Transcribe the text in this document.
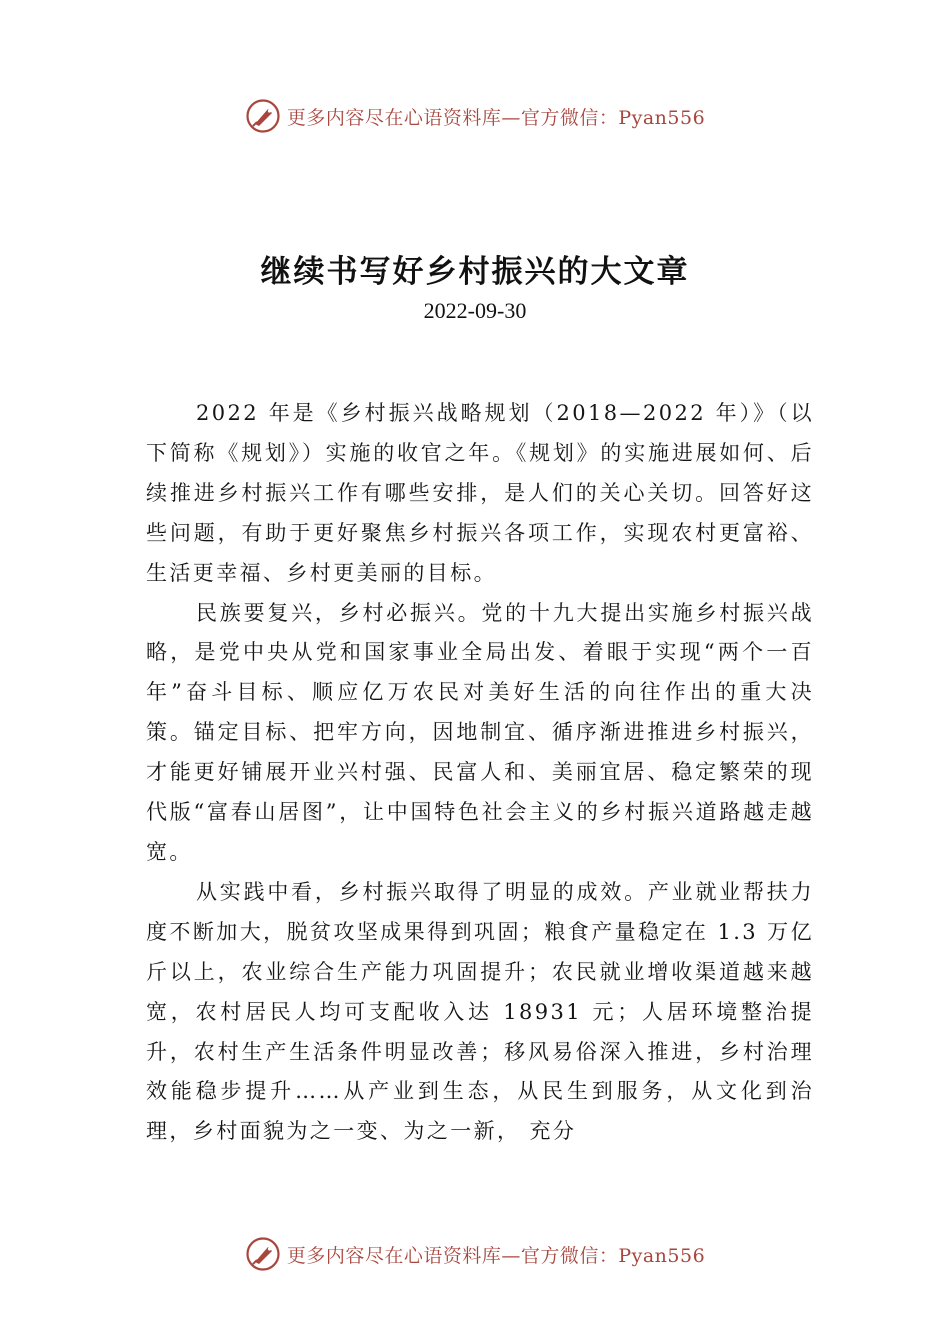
更多内容尽在心语资料库—官方微信：Pyan556
继续书写好乡村振兴的大文章
2022-09-30

2022 年是《乡村振兴战略规划（2018—2022 年）》（以下简称《规划》）实施的收官之年。《规划》的实施进展如何、后续推进乡村振兴工作有哪些安排，是人们的关心关切。回答好这些问题，有助于更好聚焦乡村振兴各项工作，实现农村更富裕、生活更幸福、乡村更美丽的目标。

民族要复兴，乡村必振兴。党的十九大提出实施乡村振兴战略，是党中央从党和国家事业全局出发、着眼于实现“两个一百年”奋斗目标、顺应亿万农民对美好生活的向往作出的重大决策。锚定目标、把牢方向，因地制宜、循序渐进推进乡村振兴，才能更好铺展开业兴村强、民富人和、美丽宜居、稳定繁荣的现代版“富春山居图”，让中国特色社会主义的乡村振兴道路越走越宽。

从实践中看，乡村振兴取得了明显的成效。产业就业帮扶力度不断加大，脱贫攻坚成果得到巩固；粮食产量稳定在 1.3 万亿斤以上，农业综合生产能力巩固提升；农民就业增收渠道越来越宽，农村居民人均可支配收入达 18931 元；人居环境整治提升，农村生产生活条件明显改善；移风易俗深入推进，乡村治理效能稳步提升……从产业到生态，从民生到服务，从文化到治理，乡村面貌为之一变、为之一新， 充分

更多内容尽在心语资料库—官方微信：Pyan556
